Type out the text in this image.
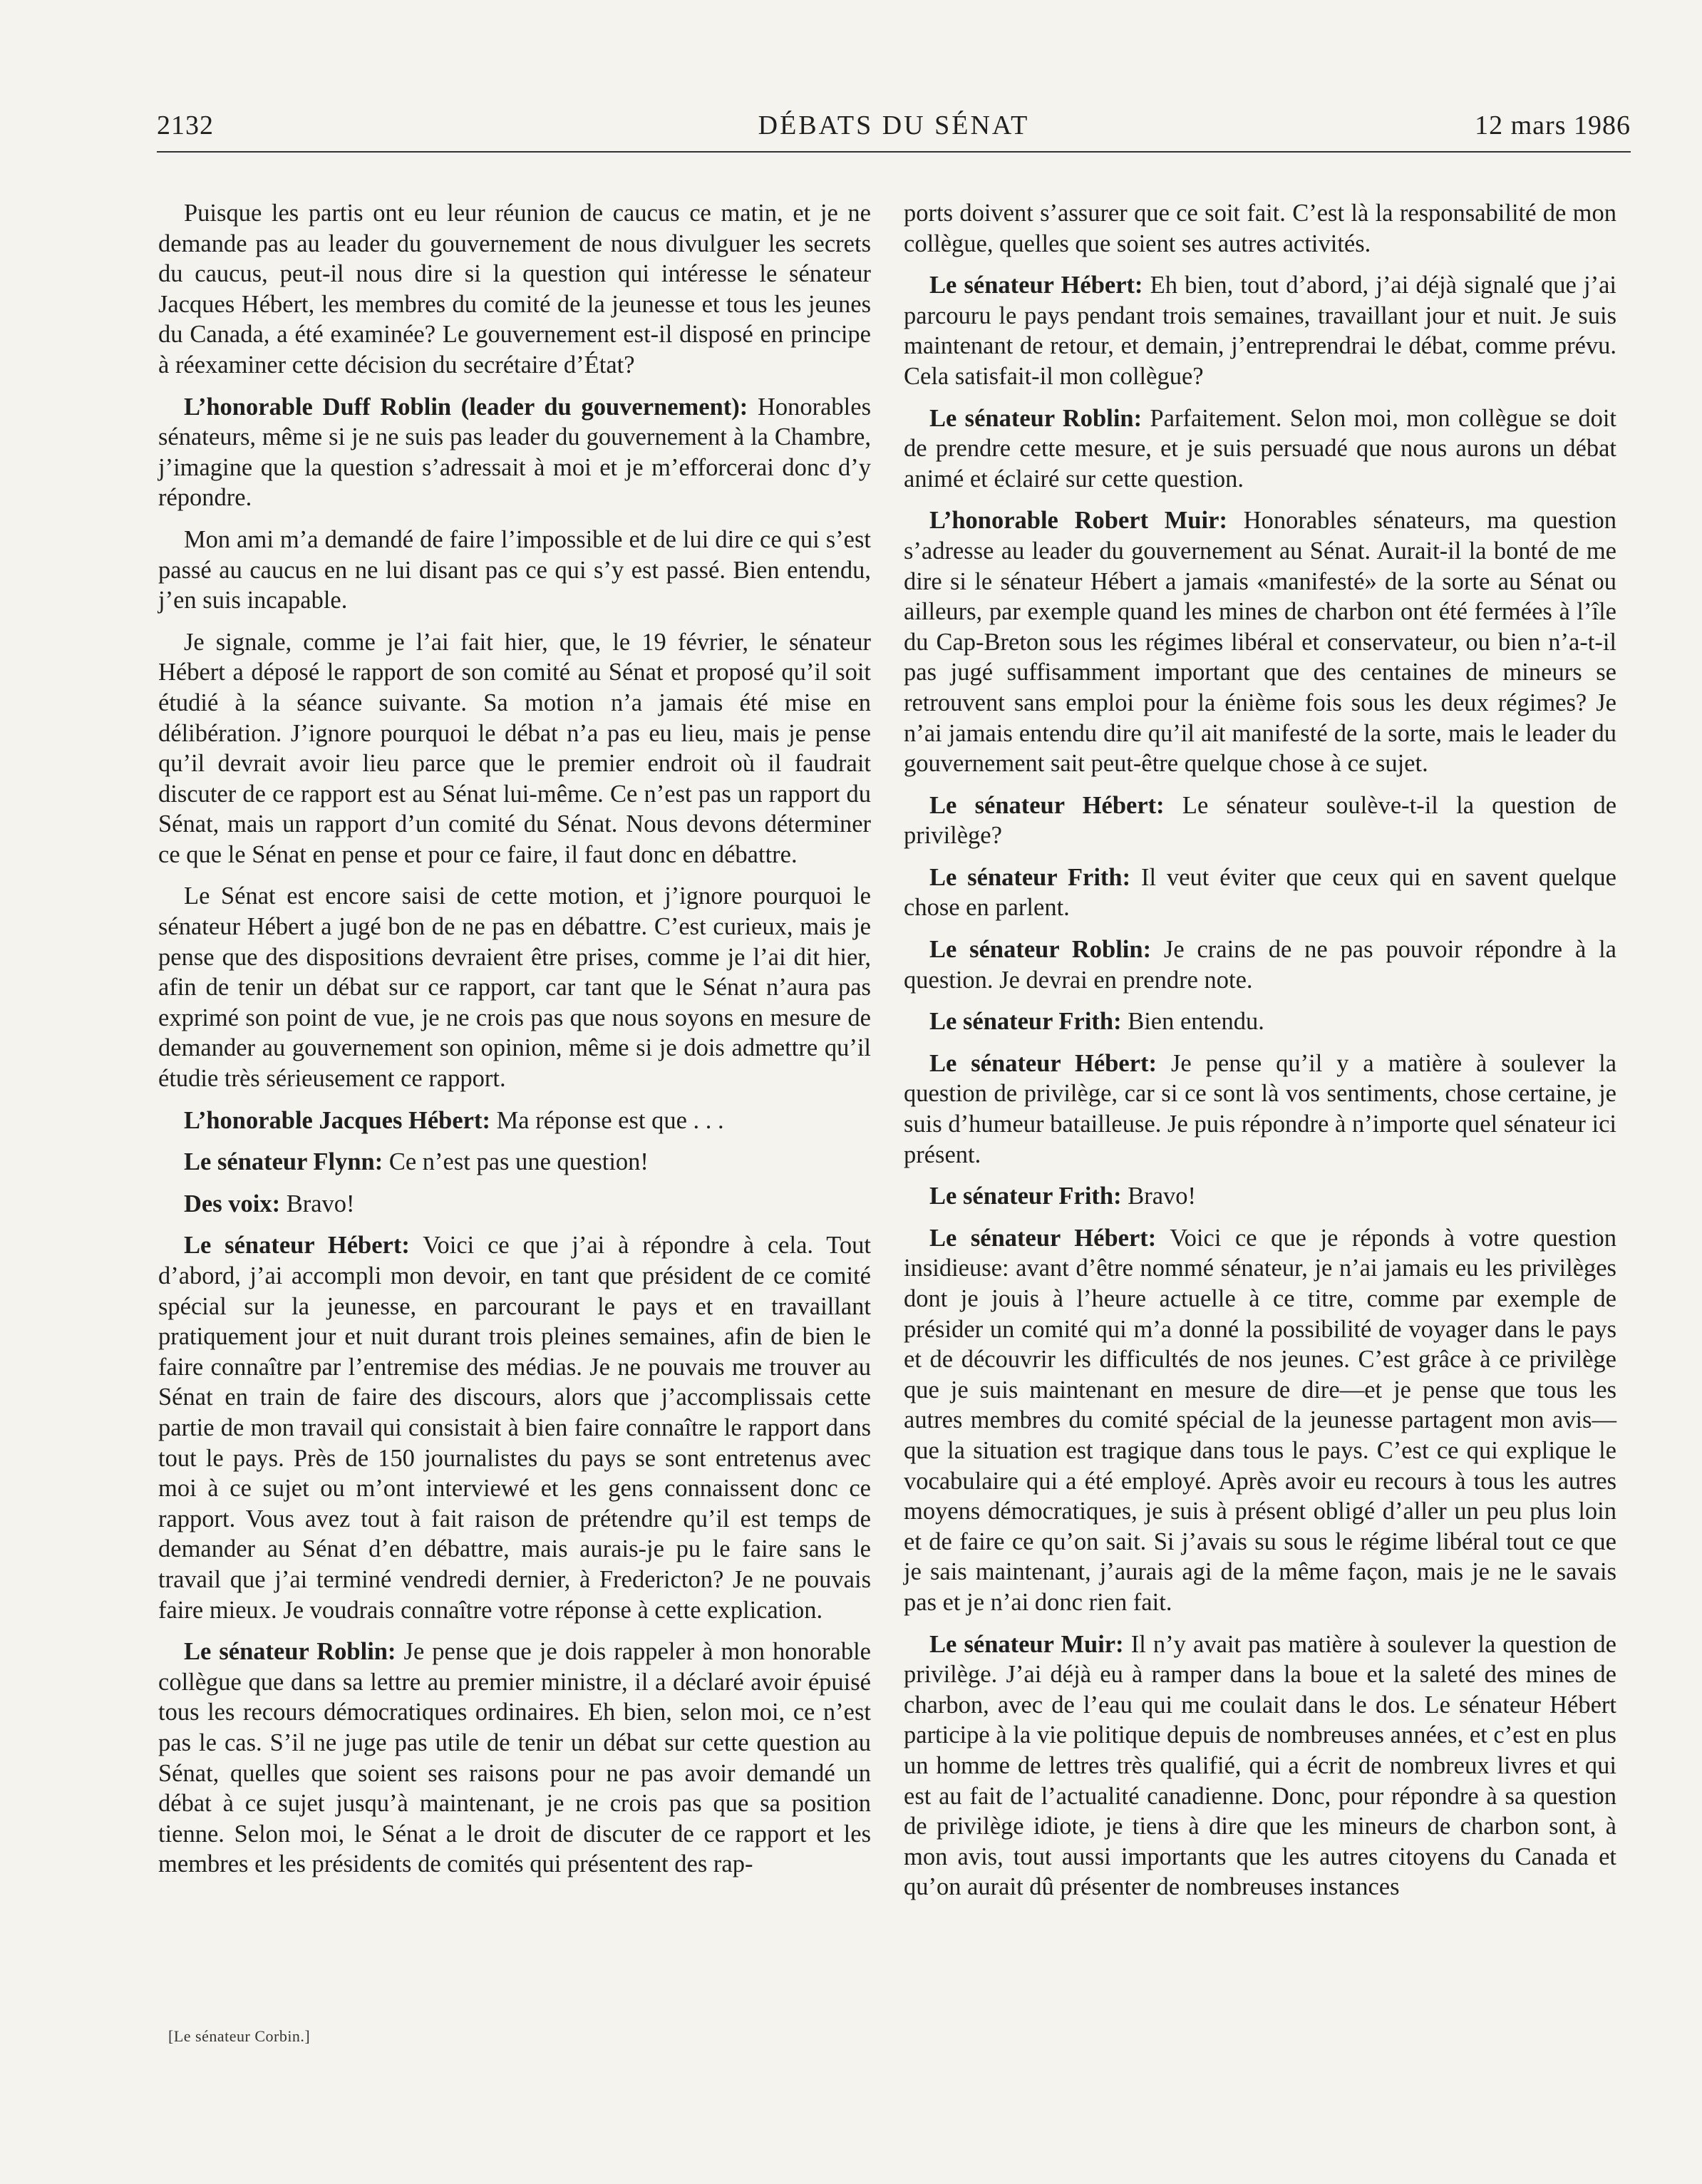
2132	DÉBATS DU SÉNAT	12 mars 1986

Puisque les partis ont eu leur réunion de caucus ce matin, et je ne demande pas au leader du gouvernement de nous divulguer les secrets du caucus, peut-il nous dire si la question qui intéresse le sénateur Jacques Hébert, les membres du comité de la jeunesse et tous les jeunes du Canada, a été examinée? Le gouvernement est-il disposé en principe à réexaminer cette décision du secrétaire d’État?

L’honorable Duff Roblin (leader du gouvernement): Honorables sénateurs, même si je ne suis pas leader du gouvernement à la Chambre, j’imagine que la question s’adressait à moi et je m’efforcerai donc d’y répondre.

Mon ami m’a demandé de faire l’impossible et de lui dire ce qui s’est passé au caucus en ne lui disant pas ce qui s’y est passé. Bien entendu, j’en suis incapable.

Je signale, comme je l’ai fait hier, que, le 19 février, le sénateur Hébert a déposé le rapport de son comité au Sénat et proposé qu’il soit étudié à la séance suivante. Sa motion n’a jamais été mise en délibération. J’ignore pourquoi le débat n’a pas eu lieu, mais je pense qu’il devrait avoir lieu parce que le premier endroit où il faudrait discuter de ce rapport est au Sénat lui-même. Ce n’est pas un rapport du Sénat, mais un rapport d’un comité du Sénat. Nous devons déterminer ce que le Sénat en pense et pour ce faire, il faut donc en débattre.

Le Sénat est encore saisi de cette motion, et j’ignore pourquoi le sénateur Hébert a jugé bon de ne pas en débattre. C’est curieux, mais je pense que des dispositions devraient être prises, comme je l’ai dit hier, afin de tenir un débat sur ce rapport, car tant que le Sénat n’aura pas exprimé son point de vue, je ne crois pas que nous soyons en mesure de demander au gouvernement son opinion, même si je dois admettre qu’il étudie très sérieusement ce rapport.

L’honorable Jacques Hébert: Ma réponse est que . . .

Le sénateur Flynn: Ce n’est pas une question!

Des voix: Bravo!

Le sénateur Hébert: Voici ce que j’ai à répondre à cela. Tout d’abord, j’ai accompli mon devoir, en tant que président de ce comité spécial sur la jeunesse, en parcourant le pays et en travaillant pratiquement jour et nuit durant trois pleines semaines, afin de bien le faire connaître par l’entremise des médias. Je ne pouvais me trouver au Sénat en train de faire des discours, alors que j’accomplissais cette partie de mon travail qui consistait à bien faire connaître le rapport dans tout le pays. Près de 150 journalistes du pays se sont entretenus avec moi à ce sujet ou m’ont interviewé et les gens connaissent donc ce rapport. Vous avez tout à fait raison de prétendre qu’il est temps de demander au Sénat d’en débattre, mais aurais-je pu le faire sans le travail que j’ai terminé vendredi dernier, à Fredericton? Je ne pouvais faire mieux. Je voudrais connaître votre réponse à cette explication.

Le sénateur Roblin: Je pense que je dois rappeler à mon honorable collègue que dans sa lettre au premier ministre, il a déclaré avoir épuisé tous les recours démocratiques ordinaires. Eh bien, selon moi, ce n’est pas le cas. S’il ne juge pas utile de tenir un débat sur cette question au Sénat, quelles que soient ses raisons pour ne pas avoir demandé un débat à ce sujet jusqu’à maintenant, je ne crois pas que sa position tienne. Selon moi, le Sénat a le droit de discuter de ce rapport et les membres et les présidents de comités qui présentent des rap-

ports doivent s’assurer que ce soit fait. C’est là la responsabilité de mon collègue, quelles que soient ses autres activités.

Le sénateur Hébert: Eh bien, tout d’abord, j’ai déjà signalé que j’ai parcouru le pays pendant trois semaines, travaillant jour et nuit. Je suis maintenant de retour, et demain, j’entreprendrai le débat, comme prévu. Cela satisfait-il mon collègue?

Le sénateur Roblin: Parfaitement. Selon moi, mon collègue se doit de prendre cette mesure, et je suis persuadé que nous aurons un débat animé et éclairé sur cette question.

L’honorable Robert Muir: Honorables sénateurs, ma question s’adresse au leader du gouvernement au Sénat. Aurait-il la bonté de me dire si le sénateur Hébert a jamais «manifesté» de la sorte au Sénat ou ailleurs, par exemple quand les mines de charbon ont été fermées à l’île du Cap-Breton sous les régimes libéral et conservateur, ou bien n’a-t-il pas jugé suffisamment important que des centaines de mineurs se retrouvent sans emploi pour la énième fois sous les deux régimes? Je n’ai jamais entendu dire qu’il ait manifesté de la sorte, mais le leader du gouvernement sait peut-être quelque chose à ce sujet.

Le sénateur Hébert: Le sénateur soulève-t-il la question de privilège?

Le sénateur Frith: Il veut éviter que ceux qui en savent quelque chose en parlent.

Le sénateur Roblin: Je crains de ne pas pouvoir répondre à la question. Je devrai en prendre note.

Le sénateur Frith: Bien entendu.

Le sénateur Hébert: Je pense qu’il y a matière à soulever la question de privilège, car si ce sont là vos sentiments, chose certaine, je suis d’humeur batailleuse. Je puis répondre à n’importe quel sénateur ici présent.

Le sénateur Frith: Bravo!

Le sénateur Hébert: Voici ce que je réponds à votre question insidieuse: avant d’être nommé sénateur, je n’ai jamais eu les privilèges dont je jouis à l’heure actuelle à ce titre, comme par exemple de présider un comité qui m’a donné la possibilité de voyager dans le pays et de découvrir les difficultés de nos jeunes. C’est grâce à ce privilège que je suis maintenant en mesure de dire—et je pense que tous les autres membres du comité spécial de la jeunesse partagent mon avis—que la situation est tragique dans tous le pays. C’est ce qui explique le vocabulaire qui a été employé. Après avoir eu recours à tous les autres moyens démocratiques, je suis à présent obligé d’aller un peu plus loin et de faire ce qu’on sait. Si j’avais su sous le régime libéral tout ce que je sais maintenant, j’aurais agi de la même façon, mais je ne le savais pas et je n’ai donc rien fait.

Le sénateur Muir: Il n’y avait pas matière à soulever la question de privilège. J’ai déjà eu à ramper dans la boue et la saleté des mines de charbon, avec de l’eau qui me coulait dans le dos. Le sénateur Hébert participe à la vie politique depuis de nombreuses années, et c’est en plus un homme de lettres très qualifié, qui a écrit de nombreux livres et qui est au fait de l’actualité canadienne. Donc, pour répondre à sa question de privilège idiote, je tiens à dire que les mineurs de charbon sont, à mon avis, tout aussi importants que les autres citoyens du Canada et qu’on aurait dû présenter de nombreuses instances

[Le sénateur Corbin.]
